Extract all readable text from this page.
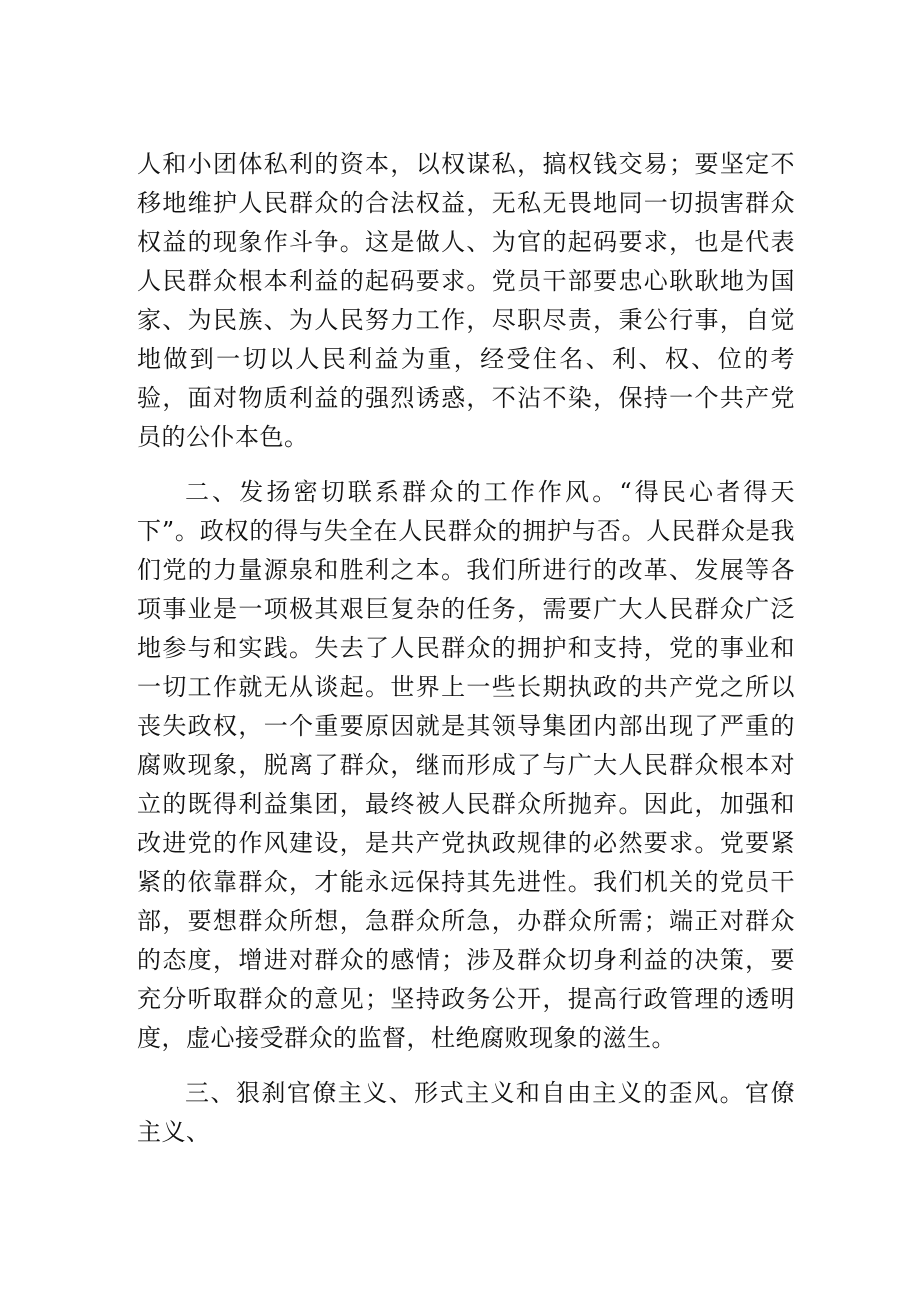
人和小团体私利的资本，以权谋私，搞权钱交易；要坚定不移地维护人民群众的合法权益，无私无畏地同一切损害群众权益的现象作斗争。这是做人、为官的起码要求，也是代表人民群众根本利益的起码要求。党员干部要忠心耿耿地为国家、为民族、为人民努力工作，尽职尽责，秉公行事，自觉地做到一切以人民利益为重，经受住名、利、权、位的考验，面对物质利益的强烈诱惑，不沾不染，保持一个共产党员的公仆本色。

二、发扬密切联系群众的工作作风。“得民心者得天下”。政权的得与失全在人民群众的拥护与否。人民群众是我们党的力量源泉和胜利之本。我们所进行的改革、发展等各项事业是一项极其艰巨复杂的任务，需要广大人民群众广泛地参与和实践。失去了人民群众的拥护和支持，党的事业和一切工作就无从谈起。世界上一些长期执政的共产党之所以丧失政权，一个重要原因就是其领导集团内部出现了严重的腐败现象，脱离了群众，继而形成了与广大人民群众根本对立的既得利益集团，最终被人民群众所抛弃。因此，加强和改进党的作风建设，是共产党执政规律的必然要求。党要紧紧的依靠群众，才能永远保持其先进性。我们机关的党员干部，要想群众所想，急群众所急，办群众所需；端正对群众的态度，增进对群众的感情；涉及群众切身利益的决策，要充分听取群众的意见；坚持政务公开，提高行政管理的透明度，虚心接受群众的监督，杜绝腐败现象的滋生。

三、狠刹官僚主义、形式主义和自由主义的歪风。官僚主义、
